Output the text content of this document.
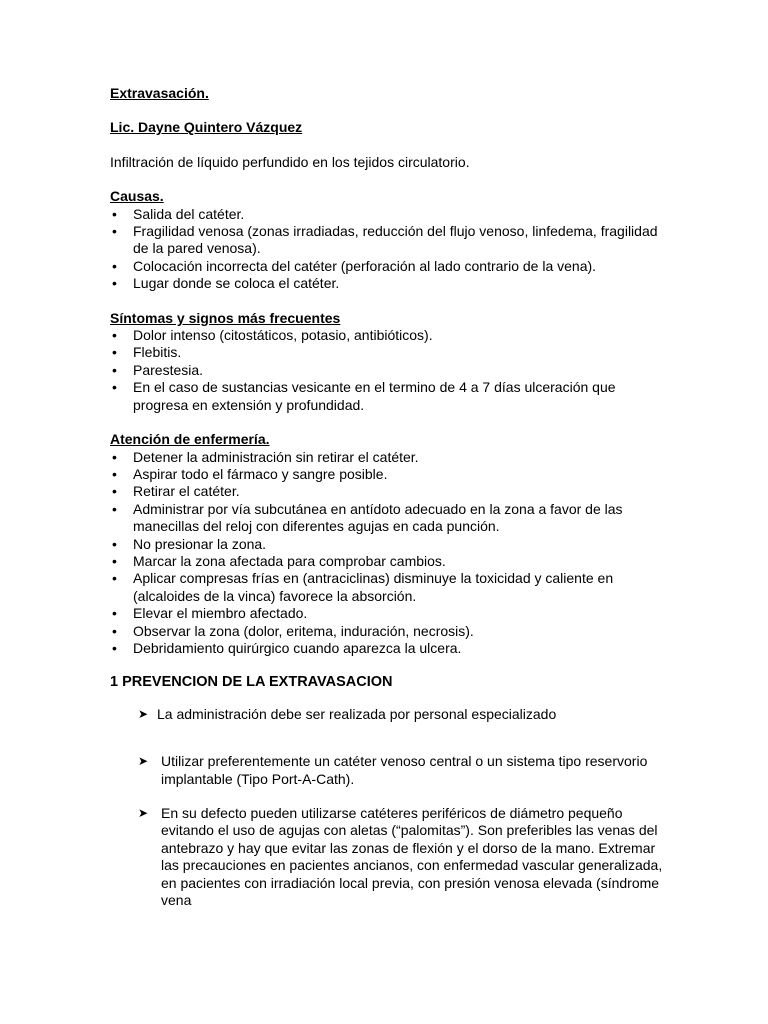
Extravasación.

Lic. Dayne Quintero Vázquez

Infiltración de líquido perfundido en los tejidos circulatorio.

Causas.

• Salida del catéter.
• Fragilidad venosa (zonas irradiadas, reducción del flujo venoso, linfedema, fragilidad de la pared venosa).
• Colocación incorrecta del catéter (perforación al lado contrario de la vena).
• Lugar donde se coloca el catéter.

Síntomas y signos más frecuentes

• Dolor intenso (citostáticos, potasio, antibióticos).
• Flebitis.
• Parestesia.
• En el caso de sustancias vesicante en el termino de 4 a 7 días ulceración que progresa en extensión y profundidad.

Atención de enfermería.

• Detener la administración sin retirar el catéter.
• Aspirar todo el fármaco y sangre posible.
• Retirar el catéter.
• Administrar por vía subcutánea en antídoto adecuado en la zona a favor de las manecillas del reloj con diferentes agujas en cada punción.
• No presionar la zona.
• Marcar la zona afectada para comprobar cambios.
• Aplicar compresas frías en (antraciclinas) disminuye la toxicidad y caliente en (alcaloides de la vinca) favorece la absorción.
• Elevar el miembro afectado.
• Observar la zona (dolor, eritema, induración, necrosis).
• Debridamiento quirúrgico cuando aparezca la ulcera.
1 PREVENCION DE LA EXTRAVASACION
➤ La administración debe ser realizada por personal especializado
➤ Utilizar preferentemente un catéter venoso central o un sistema tipo reservorio implantable (Tipo Port-A-Cath).
➤ En su defecto pueden utilizarse catéteres periféricos de diámetro pequeño evitando el uso de agujas con aletas (“palomitas”). Son preferibles las venas del antebrazo y hay que evitar las zonas de flexión y el dorso de la mano. Extremar las precauciones en pacientes ancianos, con enfermedad vascular generalizada, en pacientes con irradiación local previa, con presión venosa elevada (síndrome vena
